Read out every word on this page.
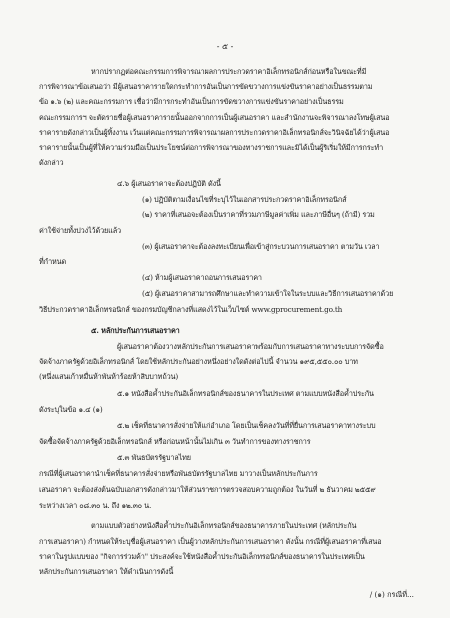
- ๕ -
หากปรากฏต่อคณะกรรมการพิจารณาผลการประกวดราคาอิเล็กทรอนิกส์ก่อนหรือในขณะที่มี
การพิจารณาข้อเสนอว่า มีผู้เสนอราคารายใดกระทำการอันเป็นการขัดขวางการแข่งขันราคาอย่างเป็นธรรมตาม
ข้อ ๑.๖ (๒) และคณะกรรมการ เชื่อว่ามีการกระทำอันเป็นการขัดขวางการแข่งขันราคาอย่างเป็นธรรม
คณะกรรมการฯ จะตัดรายชื่อผู้เสนอราคารายนั้นออกจากการเป็นผู้เสนอราคา และสำนักงานจะพิจารณาลงโทษผู้เสนอ
ราคารายดังกล่าวเป็นผู้ทิ้งงาน เว้นแต่คณะกรรมการพิจารณาผลการประกวดราคาอิเล็กทรอนิกส์จะวินิจฉัยได้ว่าผู้เสนอ
ราคารายนั้นเป็นผู้ที่ให้ความร่วมมือเป็นประโยชน์ต่อการพิจารณาของทางราชการและมิได้เป็นผู้ริเริ่มให้มีการกระทำ
ดังกล่าว
๔.๖ ผู้เสนอราคาจะต้องปฏิบัติ ดังนี้
(๑) ปฏิบัติตามเงื่อนไขที่ระบุไว้ในเอกสารประกวดราคาอิเล็กทรอนิกส์
(๒) ราคาที่เสนอจะต้องเป็นราคาที่รวมภาษีมูลค่าเพิ่ม และภาษีอื่นๆ (ถ้ามี) รวม
ค่าใช้จ่ายทั้งปวงไว้ด้วยแล้ว
(๓) ผู้เสนอราคาจะต้องลงทะเบียนเพื่อเข้าสู่กระบวนการเสนอราคา ตามวัน เวลา
ที่กำหนด
(๔) ห้ามผู้เสนอราคาถอนการเสนอราคา
(๕) ผู้เสนอราคาสามารถศึกษาและทำความเข้าใจในระบบและวิธีการเสนอราคาด้วย
วิธีประกวดราคาอิเล็กทรอนิกส์ ของกรมบัญชีกลางที่แสดงไว้ในเว็บไซต์ www.gprocurement.go.th
๕. หลักประกันการเสนอราคา
ผู้เสนอราคาต้องวางหลักประกันการเสนอราคาพร้อมกับการเสนอราคาทางระบบการจัดซื้อ
จัดจ้างภาครัฐด้วยอิเล็กทรอนิกส์ โดยใช้หลักประกันอย่างหนึ่งอย่างใดดังต่อไปนี้ จำนวน ๑๙๕,๕๕๐.๐๐ บาท
(หนึ่งแสนเก้าหมื่นห้าพันห้าร้อยห้าสิบบาทถ้วน)
๕.๑ หนังสือค้ำประกันอิเล็กทรอนิกส์ของธนาคารในประเทศ ตามแบบหนังสือค้ำประกัน
ดังระบุในข้อ ๑.๔ (๑)
๕.๒ เช็คที่ธนาคารสั่งจ่ายให้แก่อำเภอ โดยเป็นเช็คลงวันที่ที่ยื่นการเสนอราคาทางระบบ
จัดซื้อจัดจ้างภาครัฐด้วยอิเล็กทรอนิกส์ หรือก่อนหน้านั้นไม่เกิน ๓ วันทำการของทางราชการ
๕.๓ พันธบัตรรัฐบาลไทย
กรณีที่ผู้เสนอราคานำเช็คที่ธนาคารสั่งจ่ายหรือพันธบัตรรัฐบาลไทย มาวางเป็นหลักประกันการ
เสนอราคา จะต้องส่งต้นฉบับเอกสารดังกล่าวมาให้ส่วนราชการตรวจสอบความถูกต้อง ในวันที่ ๒ ธันวาคม ๒๕๕๙
ระหว่างเวลา ๐๘.๓๐ น. ถึง ๑๒.๓๐ น.
ตามแบบตัวอย่างหนังสือค้ำประกันอิเล็กทรอนิกส์ของธนาคารภายในประเทศ (หลักประกัน
การเสนอราคา) กำหนดให้ระบุชื่อผู้เสนอราคา เป็นผู้วางหลักประกันการเสนอราคา ดังนั้น กรณีที่ผู้เสนอราคาที่เสนอ
ราคาในรูปแบบของ "กิจการร่วมค้า" ประสงค์จะใช้หนังสือค้ำประกันอิเล็กทรอนิกส์ของธนาคารในประเทศเป็น
หลักประกันการเสนอราคา ให้ดำเนินการดังนี้
/ (๑) กรณีที่...
